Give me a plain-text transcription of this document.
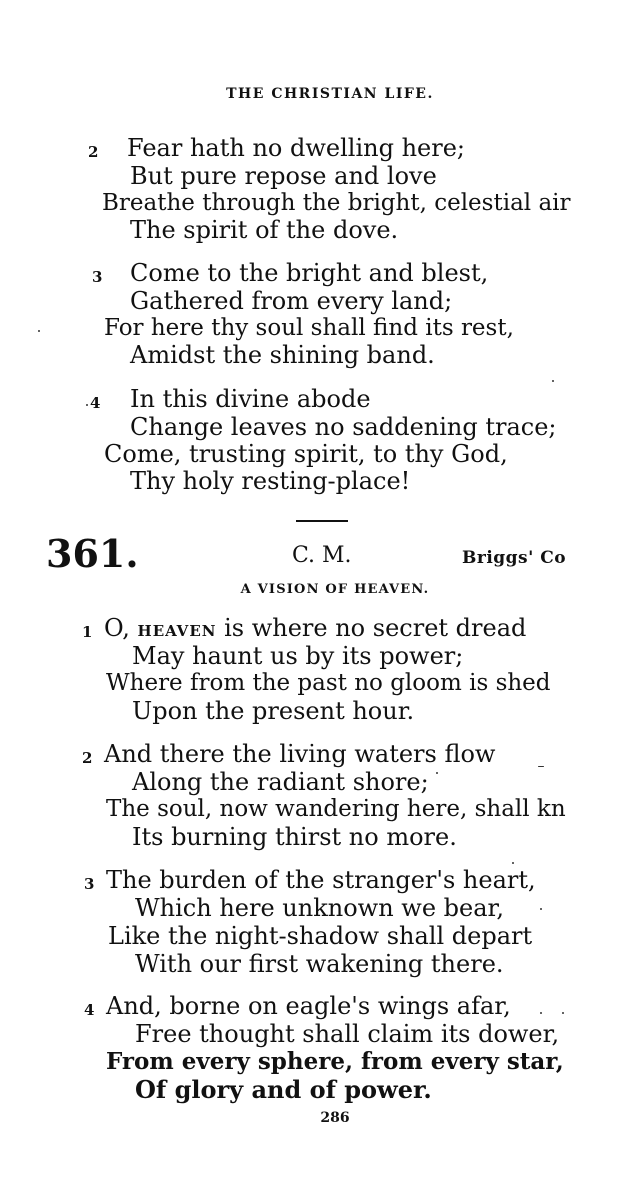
THE CHRISTIAN LIFE.
2 Fear hath no dwelling here;
But pure repose and love
Breathe through the bright, celestial air
The spirit of the dove.
3 Come to the bright and blest,
Gathered from every land;
For here thy soul shall find its rest,
Amidst the shining band.
4 In this divine abode
Change leaves no saddening trace;
Come, trusting spirit, to thy God,
Thy holy resting-place!
361.	C. M.	Briggs' Co
A VISION OF HEAVEN.
1 O, HEAVEN is where no secret dread
May haunt us by its power;
Where from the past no gloom is shed
Upon the present hour.
2 And there the living waters flow
Along the radiant shore;
The soul, now wandering here, shall kn
Its burning thirst no more.
3 The burden of the stranger's heart,
Which here unknown we bear,
Like the night-shadow shall depart
With our first wakening there.
4 And, borne on eagle's wings afar,
Free thought shall claim its dower,
From every sphere, from every star,
Of glory and of power.
286
